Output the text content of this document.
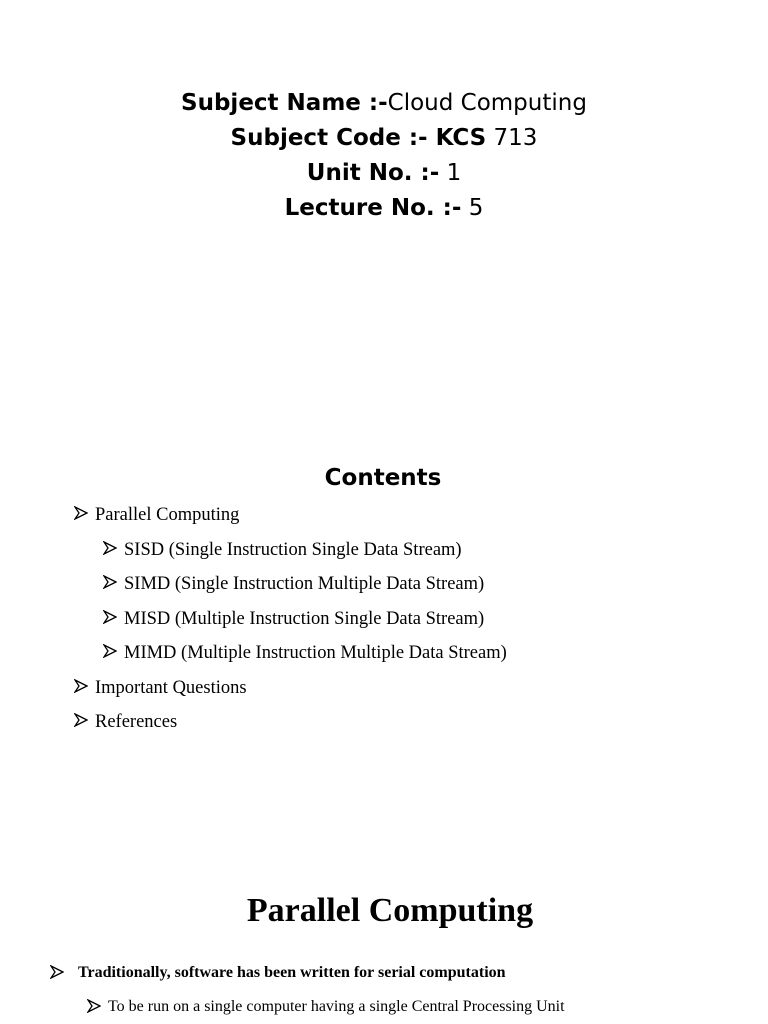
Subject Name :-Cloud Computing
Subject Code :- KCS 713
Unit No. :- 1
Lecture No. :- 5
Contents
Parallel Computing
SISD (Single Instruction Single Data Stream)
SIMD (Single Instruction Multiple Data Stream)
MISD (Multiple Instruction Single Data Stream)
MIMD (Multiple Instruction Multiple Data Stream)
Important Questions
References
Parallel Computing
Traditionally, software has been written for serial computation
To be run on a single computer having a single Central Processing Unit
